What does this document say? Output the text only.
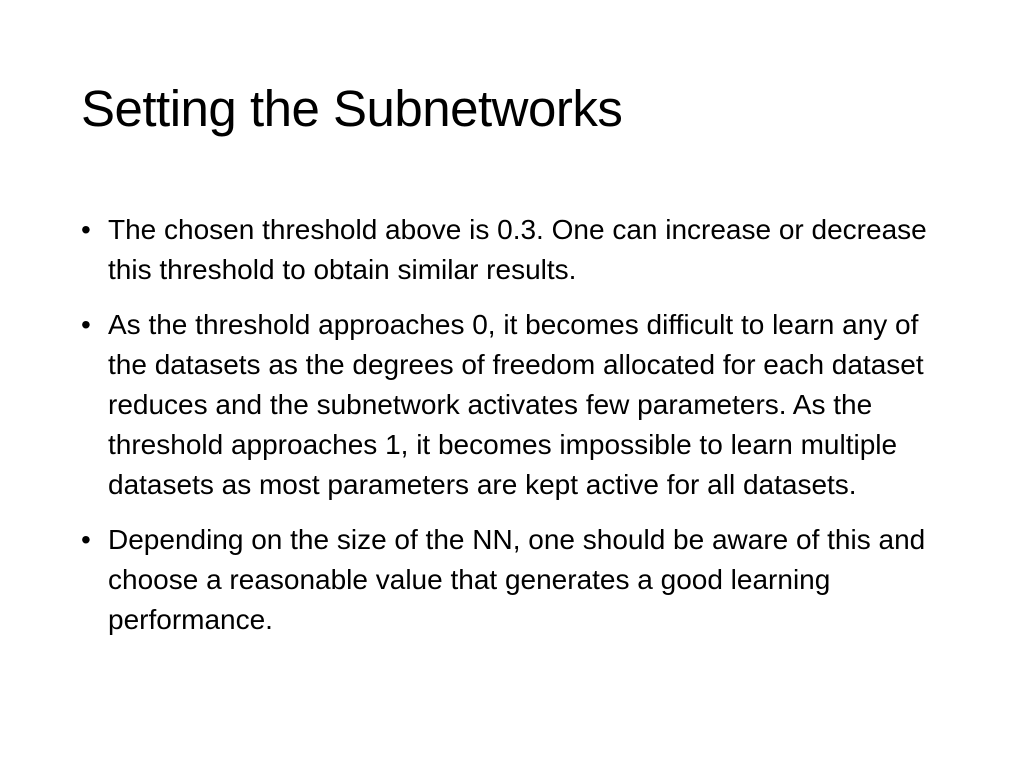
Setting the Subnetworks
• The chosen threshold above is 0.3. One can increase or decrease this threshold to obtain similar results.
• As the threshold approaches 0, it becomes difficult to learn any of the datasets as the degrees of freedom allocated for each dataset reduces and the subnetwork activates few parameters. As the threshold approaches 1, it becomes impossible to learn multiple datasets as most parameters are kept active for all datasets.
• Depending on the size of the NN, one should be aware of this and choose a reasonable value that generates a good learning performance.
